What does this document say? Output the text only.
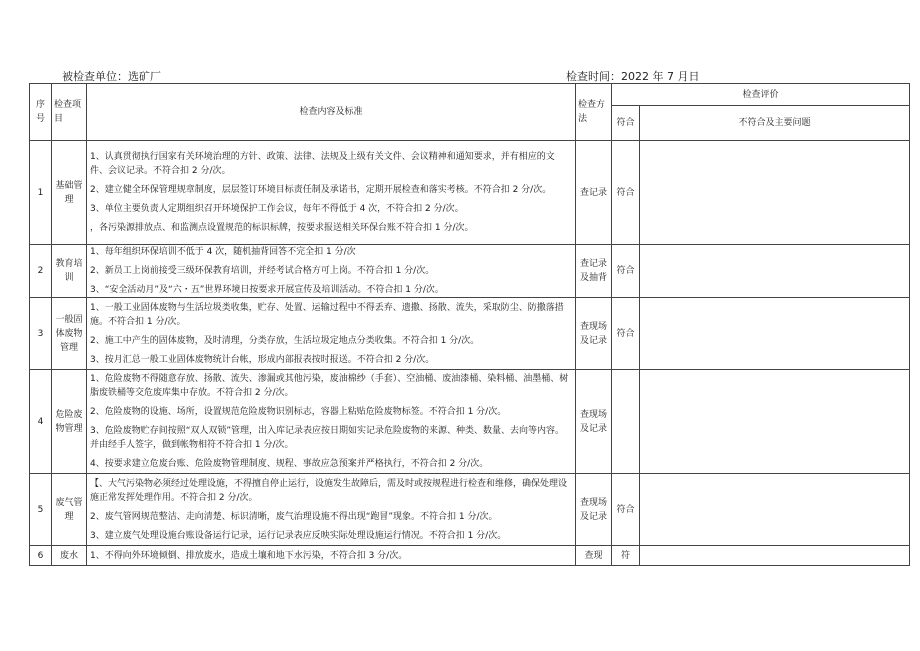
被检查单位：选矿厂	检查时间：2022 年 7 月日
序号	检查项目	检查内容及标准	检查方法	检查评价	
				符合	不符合及主要问题
1	基础管理	1、认真贯彻执行国家有关环境治理的方针、政策、法律、法规及上级有关文件、会议精神和通知要求，并有相应的文件、会议记录。不符合扣 2 分/次。

2、建立健全环保管理规章制度，层层签订环境目标责任制及承诺书，定期开展检查和落实考核。不符合扣 2 分/次。

3、单位主要负责人定期组织召开环境保护工作会议，每年不得低于 4 次，不符合扣 2 分/次。

，各污染源排放点、和监测点设置规范的标识标牌，按要求报送相关环保台账不符合扣 1 分/次。	查记录	符合	
2	教育培训	1、每年组织环保培训不低于 4 次，随机抽背回答不完全扣 1 分/次

2、新员工上岗前接受三级环保教育培训，并经考试合格方可上岗。不符合扣 1 分/次。

3、“安全活动月”及“六・五”世界环境日按要求开展宣传及培训活动。不符合扣 1 分/次。	查记录及抽背	符合	
3	一般固体废物管理	1、一般工业固体废物与生活垃圾类收集，贮存、处置、运输过程中不得丢弃、遗撒、扬散、流失，采取防尘、防撒落措施。不符合扣 1 分/次。

2、施工中产生的固体废物，及时清理，分类存放，生活垃圾定地点分类收集。不符合扣 1 分/次。

3、按月汇总一般工业固体废物统计台帐，形成内部报表按时报送。不符合扣 2 分/次。	查现场及记录	符合	
4	危险废物管理	1、危险废物不得随意存放、扬散、流失、渗漏或其他污染，废油棉纱（手套）、空油桶、废油漆桶、染料桶、油墨桶、树脂废铁桶等交危废库集中存放。不符合扣 2 分/次。

2、危险废物的设施、场所，设置规范危险废物识别标志，容器上粘贴危险废物标签。不符合扣 1 分/次。

3、危险废物贮存间按照“双人双锁”管理，出入库记录表应按日期如实记录危险废物的来源、种类、数量、去向等内容。并由经手人签字，做到帐物相符不符合扣 1 分/次。

4、按要求建立危废台账、危险废物管理制度、规程、事故应急预案并严格执行，不符合扣 2 分/次。	查现场及记录		
5	废气管理	【、大气污染物必须经过处理设施，不得擅自停止运行，设施发生故障后，需及时或按规程进行检查和维修，确保处理设施正常发挥处理作用。不符合扣 2 分/次。

2、废气管网规范整洁、走向清楚、标识清晰，废气治理设施不得出现“跑冒”现象。不符合扣 1 分/次。

3、建立废气处理设施台账设备运行记录，运行记录表应反映实际处理设施运行情况。不符合扣 1 分/次。	查现场及记录	符合	
6	废水	1、不得向外环境倾倒、排放废水，造成土壤和地下水污染，不符合扣 3 分/次。	查现	符	
